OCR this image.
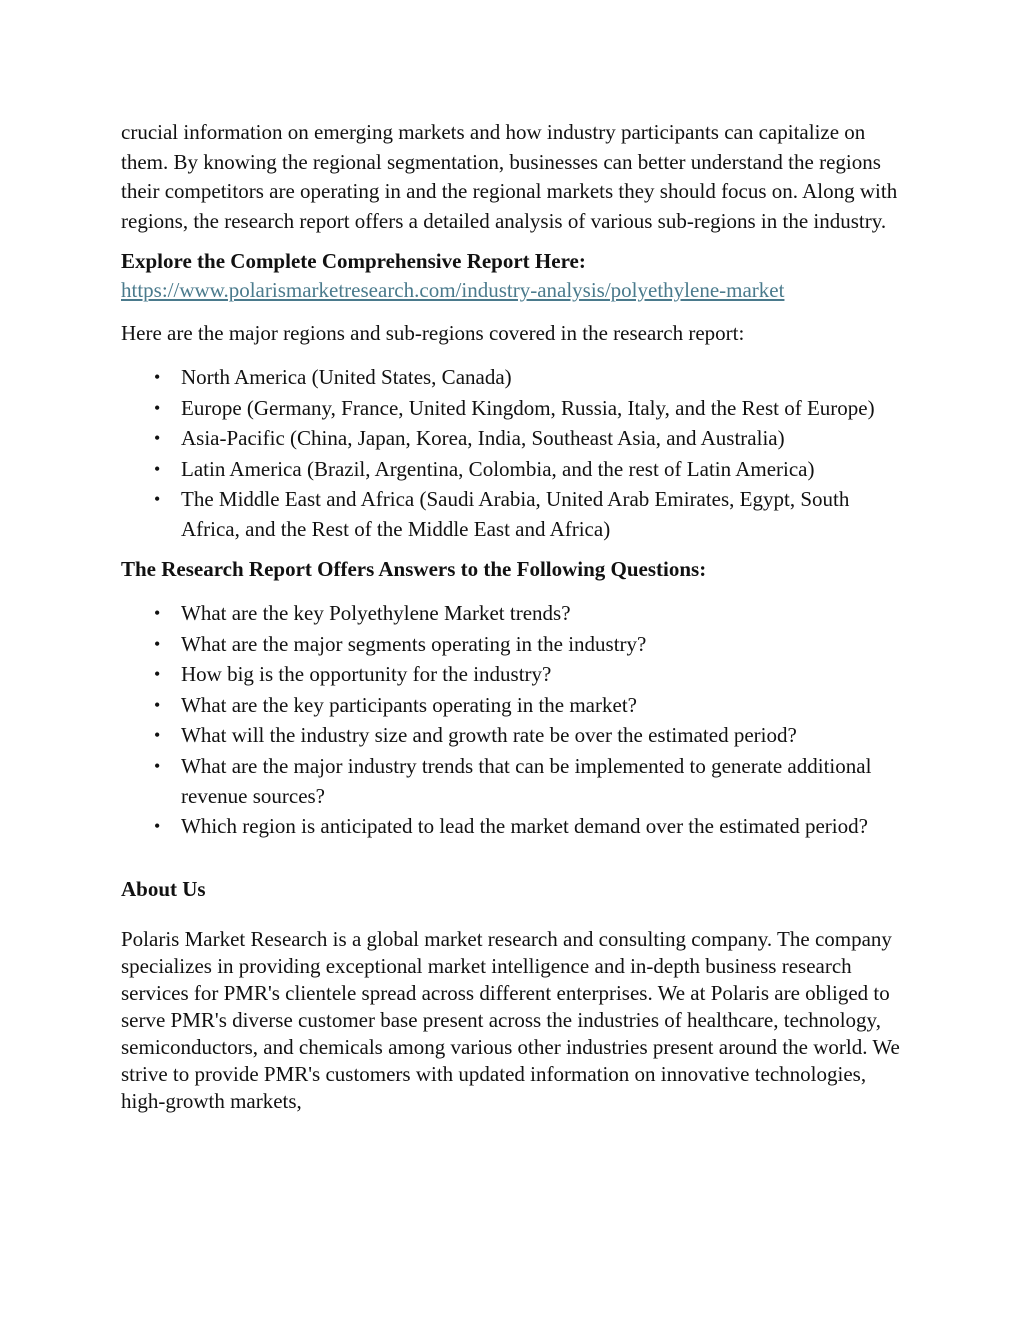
crucial information on emerging markets and how industry participants can capitalize on them. By knowing the regional segmentation, businesses can better understand the regions their competitors are operating in and the regional markets they should focus on. Along with regions, the research report offers a detailed analysis of various sub-regions in the industry.

Explore the Complete Comprehensive Report Here:

https://www.polarismarketresearch.com/industry-analysis/polyethylene-market

Here are the major regions and sub-regions covered in the research report:

• North America (United States, Canada)
• Europe (Germany, France, United Kingdom, Russia, Italy, and the Rest of Europe)
• Asia-Pacific (China, Japan, Korea, India, Southeast Asia, and Australia)
• Latin America (Brazil, Argentina, Colombia, and the rest of Latin America)
• The Middle East and Africa (Saudi Arabia, United Arab Emirates, Egypt, South Africa, and the Rest of the Middle East and Africa)

The Research Report Offers Answers to the Following Questions:

• What are the key Polyethylene Market trends?
• What are the major segments operating in the industry?
• How big is the opportunity for the industry?
• What are the key participants operating in the market?
• What will the industry size and growth rate be over the estimated period?
• What are the major industry trends that can be implemented to generate additional revenue sources?
• Which region is anticipated to lead the market demand over the estimated period?

About Us

Polaris Market Research is a global market research and consulting company. The company specializes in providing exceptional market intelligence and in-depth business research services for PMR's clientele spread across different enterprises. We at Polaris are obliged to serve PMR's diverse customer base present across the industries of healthcare, technology, semiconductors, and chemicals among various other industries present around the world. We strive to provide PMR's customers with updated information on innovative technologies, high-growth markets,
